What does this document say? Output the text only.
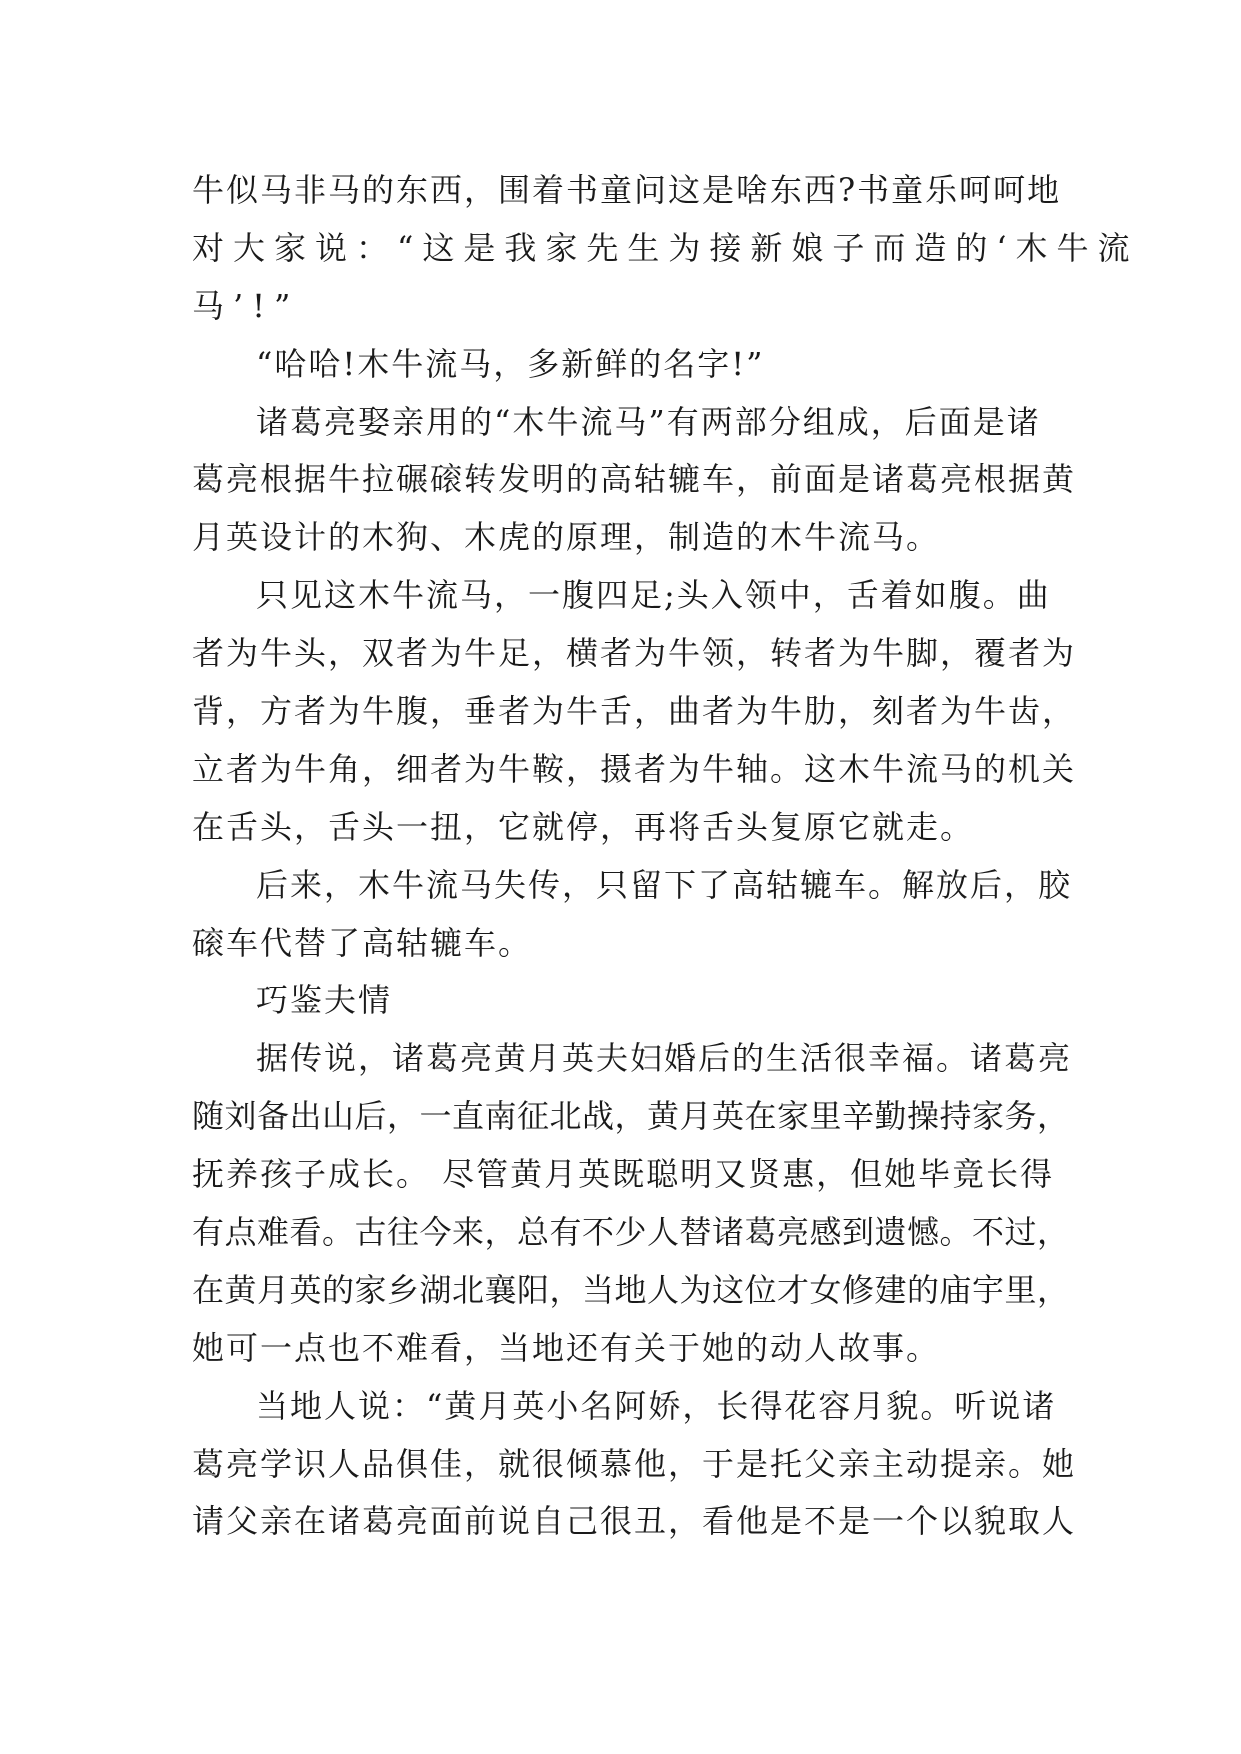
牛似马非马的东西，围着书童问这是啥东西?书童乐呵呵地
对大家说：“这是我家先生为接新娘子而造的‘木牛流
马’!”
“哈哈!木牛流马，多新鲜的名字!”
诸葛亮娶亲用的“木牛流马”有两部分组成，后面是诸
葛亮根据牛拉碾磙转发明的高轱辘车，前面是诸葛亮根据黄
月英设计的木狗、木虎的原理，制造的木牛流马。
只见这木牛流马，一腹四足;头入领中，舌着如腹。曲
者为牛头，双者为牛足，横者为牛领，转者为牛脚，覆者为
背，方者为牛腹，垂者为牛舌，曲者为牛肋，刻者为牛齿，
立者为牛角，细者为牛鞍，摄者为牛轴。这木牛流马的机关
在舌头，舌头一扭，它就停，再将舌头复原它就走。
后来，木牛流马失传，只留下了高轱辘车。解放后，胶
磙车代替了高轱辘车。
巧鉴夫情
据传说，诸葛亮黄月英夫妇婚后的生活很幸福。诸葛亮
随刘备出山后，一直南征北战，黄月英在家里辛勤操持家务，
抚养孩子成长。 尽管黄月英既聪明又贤惠，但她毕竟长得
有点难看。古往今来，总有不少人替诸葛亮感到遗憾。不过，
在黄月英的家乡湖北襄阳，当地人为这位才女修建的庙宇里，
她可一点也不难看，当地还有关于她的动人故事。
当地人说：“黄月英小名阿娇，长得花容月貌。听说诸
葛亮学识人品俱佳，就很倾慕他，于是托父亲主动提亲。她
请父亲在诸葛亮面前说自己很丑，看他是不是一个以貌取人
